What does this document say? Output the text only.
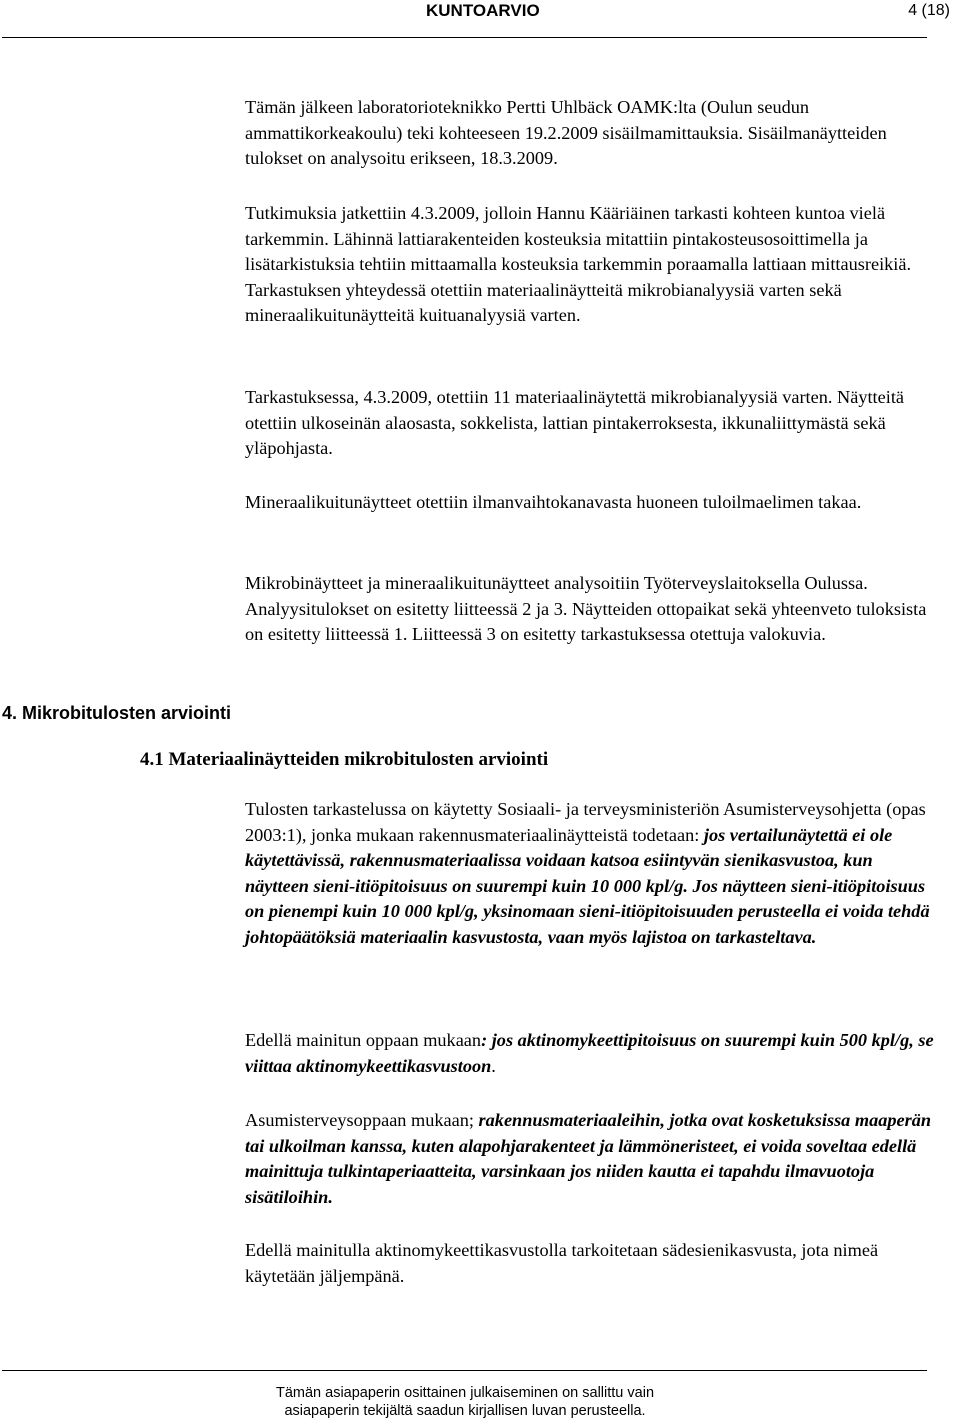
KUNTOARVIO	4 (18)

Tämän jälkeen laboratorioteknikko Pertti Uhlbäck OAMK:lta (Oulun seudun ammattikorkeakoulu) teki kohteeseen 19.2.2009 sisäilmamittauksia. Sisäilmanäytteiden tulokset on analysoitu erikseen, 18.3.2009.

Tutkimuksia jatkettiin 4.3.2009, jolloin Hannu Kääriäinen tarkasti kohteen kuntoa vielä tarkemmin. Lähinnä lattiarakenteiden kosteuksia mitattiin pintakosteusosoittimella ja lisätarkistuksia tehtiin mittaamalla kosteuksia tarkemmin poraamalla lattiaan mittausreikiä. Tarkastuksen yhteydessä otettiin materiaalinäytteitä mikrobianalyysiä varten sekä mineraalikuitunäytteitä kuituanalyysiä varten.

Tarkastuksessa, 4.3.2009, otettiin 11 materiaalinäytettä mikrobianalyysiä varten. Näytteitä otettiin ulkoseinän alaosasta, sokkelista, lattian pintakerroksesta, ikkunaliittymästä sekä yläpohjasta.

Mineraalikuitunäytteet otettiin ilmanvaihtokanavasta huoneen tuloilmaelimen takaa.

Mikrobinäytteet ja mineraalikuitunäytteet analysoitiin Työterveyslaitoksella Oulussa. Analyysitulokset on esitetty liitteessä 2 ja 3. Näytteiden ottopaikat sekä yhteenveto tuloksista on esitetty liitteessä 1. Liitteessä 3 on esitetty tarkastuksessa otettuja valokuvia.

4. Mikrobitulosten arviointi
4.1 Materiaalinäytteiden mikrobitulosten arviointi

Tulosten tarkastelussa on käytetty Sosiaali- ja terveysministeriön Asumisterveysohjetta (opas 2003:1), jonka mukaan rakennusmateriaalinäytteistä todetaan: jos vertailunäytettä ei ole käytettävissä, rakennusmateriaalissa voidaan katsoa esiintyvän sienikasvustoa, kun näytteen sieni-itiöpitoisuus on suurempi kuin 10 000 kpl/g. Jos näytteen sieni-itiöpitoisuus on pienempi kuin 10 000 kpl/g, yksinomaan sieni-itiöpitoisuuden perusteella ei voida tehdä johtopäätöksiä materiaalin kasvustosta, vaan myös lajistoa on tarkasteltava.

Edellä mainitun oppaan mukaan: jos aktinomykeettipitoisuus on suurempi kuin 500 kpl/g, se viittaa aktinomykeettikasvustoon.

Asumisterveysoppaan mukaan; rakennusmateriaaleihin, jotka ovat kosketuksissa maaperän tai ulkoilman kanssa, kuten alapohjarakenteet ja lämmöneristeet, ei voida soveltaa edellä mainittuja tulkintaperiaatteita, varsinkaan jos niiden kautta ei tapahdu ilmavuotoja sisätiloihin.

Edellä mainitulla aktinomykeettikasvustolla tarkoitetaan sädesienikasvusta, jota nimeä käytetään jäljempänä.

Tämän asiapaperin osittainen julkaiseminen on sallittu vain
asiapaperin tekijältä saadun kirjallisen luvan perusteella.
